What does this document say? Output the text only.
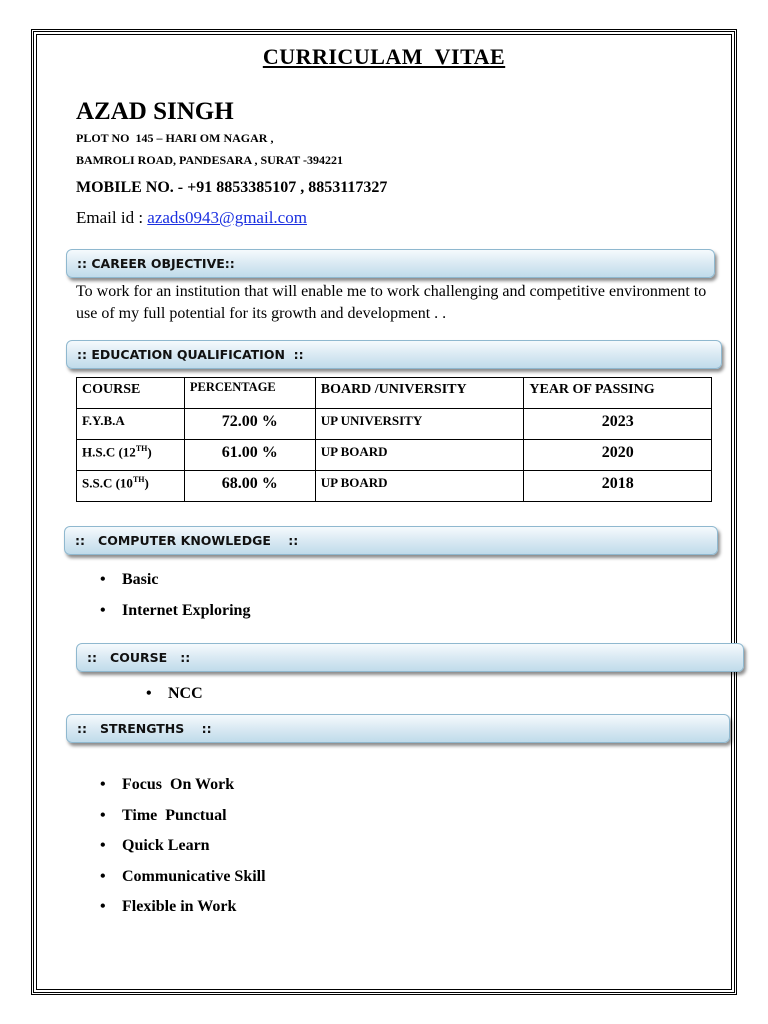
CURRICULAM  VITAE
AZAD SINGH
PLOT NO  145 – HARI OM NAGAR ,
BAMROLI ROAD, PANDESARA , SURAT -394221
MOBILE NO. - +91 8853385107 , 8853117327
Email id : azads0943@gmail.com
:: CAREER OBJECTIVE::
To work for an institution that will enable me to work challenging and competitive environment to use of my full potential for its growth and development . .
:: EDUCATION QUALIFICATION  ::
COURSE	PERCENTAGE	BOARD /UNIVERSITY	YEAR OF PASSING
F.Y.B.A	72.00 %	UP UNIVERSITY	2023
H.S.C (12TH)	61.00 %	UP BOARD	2020
S.S.C (10TH)	68.00 %	UP BOARD	2018
::   COMPUTER KNOWLEDGE    ::
• Basic
• Internet Exploring
::   COURSE   ::
• NCC
::   STRENGTHS    ::
• Focus  On Work
• Time  Punctual
• Quick Learn
• Communicative Skill
• Flexible in Work
